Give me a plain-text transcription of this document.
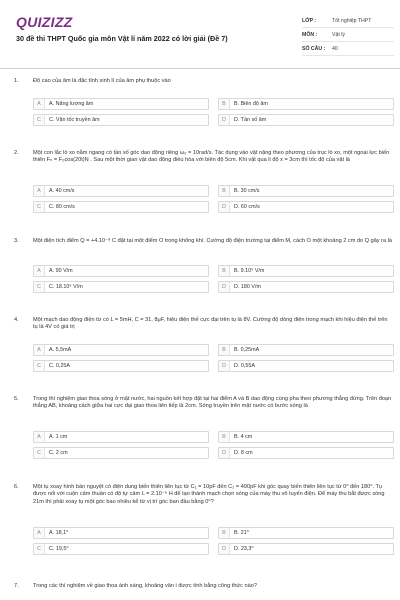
QUIZIZZ
30 đề thi THPT Quốc gia môn Vật lí năm 2022 có lời giải (Đề 7)
LỚP :	Tốt nghiệp THPT
MÔN :	Vật lý
SỐ CÂU :	40
1.	Độ cao của âm là đặc tính sinh lí của âm phụ thuộc vào
A	A. Năng lượng âm	B	B. Biên độ âm
C	C. Vận tốc truyền âm	D	D. Tần số âm
2.	Một con lắc lò xo nằm ngang có tần số góc dao động riêng ω₀ = 10rad/s. Tác dụng vào vật nặng theo phương của trục lò xo, một ngoại lực biến thiên Fₙ = F₀cos(20t)N . Sau một thời gian vật dao động điều hòa với biên độ 5cm. Khi vật qua li độ x = 3cm thì tốc độ của vật là
A	A. 40 cm/s	B	B. 30 cm/s
C	C. 80 cm/s	D	D. 60 cm/s
3.	Một điện tích điểm Q = +4.10⁻⁸ C đặt tại một điểm O trong không khí. Cường độ điện trường tại điểm M, cách O một khoảng 2 cm do Q gây ra là
A	A. 90 V/m	B	B. 9.10⁵ V/m
C	C. 18.10⁵ V/m	D	D. 180 V/m
4.	Một mạch dao động điện từ có L = 5mH, C = 31, 8μF, hiệu điện thế cực đại trên tụ là 8V. Cường độ dòng điện trong mạch khi hiệu điện thế trên tụ là 4V có giá trị
A	A. 5,5mA	B	B. 0,25mA
C	C. 0,25A	D	D. 0,55A
5.	Trong thí nghiệm giao thoa sóng ở mặt nước, hai nguồn kết hợp đặt tại hai điểm A và B dao động cùng pha theo phương thẳng đứng. Trên đoạn thẳng AB, khoảng cách giữa hai cực đại giao thoa liên tiếp là 2cm. Sóng truyền trên mặt nước có bước sóng là
A	A. 1 cm	B	B. 4 cm
C	C. 2 cm	D	D. 8 cm
6.	Một tụ xoay hình bán nguyệt có điện dung biến thiên liên tục từ C₁ = 10pF đến C₂ = 490pF khi góc quay biến thiên liên tục từ 0⁰ đến 180⁰. Tụ được nối với cuộn cảm thuần có độ tự cảm L = 2.10⁻⁶ H để tạo thành mạch chọn sóng của máy thu vô tuyến điện. Để máy thu bắt được sóng 21m thì phải xoay tụ một góc bao nhiêu kể từ vị trí góc ban đầu bằng 0⁰?
A	A. 18,1⁰	B	B. 21⁰
C	C. 19,5⁰	D	D. 23,3⁰
7.	Trong các thí nghiệm về giao thoa ánh sáng, khoảng vân i được tính bằng công thức nào?
